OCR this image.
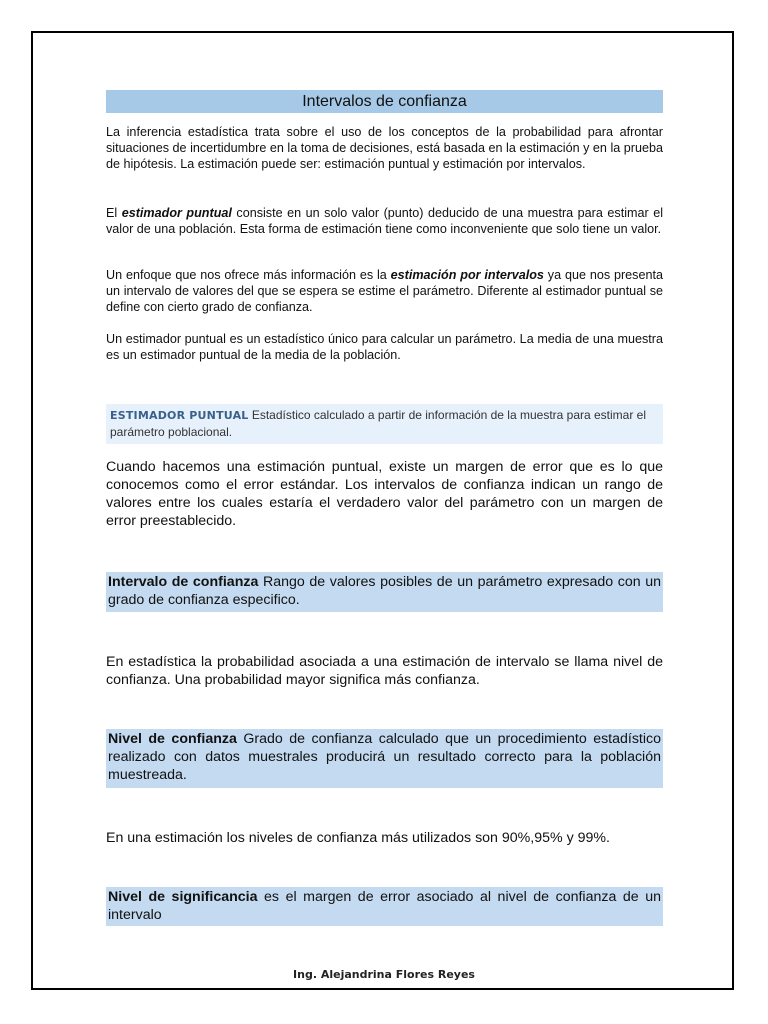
Intervalos de confianza

La inferencia estadística trata sobre el uso de los conceptos de la probabilidad para afrontar situaciones de incertidumbre en la toma de decisiones, está basada en la estimación y en la prueba de hipótesis. La estimación puede ser: estimación puntual y estimación por intervalos.

El estimador puntual consiste en un solo valor (punto) deducido de una muestra para estimar el valor de una población. Esta forma de estimación tiene como inconveniente que solo tiene un valor.

Un enfoque que nos ofrece más información es la estimación por intervalos ya que nos presenta un intervalo de valores del que se espera se estime el parámetro. Diferente al estimador puntual se define con cierto grado de confianza.

Un estimador puntual es un estadístico único para calcular un parámetro. La media de una muestra es un estimador puntual de la media de la población.

ESTIMADOR PUNTUAL Estadístico calculado a partir de información de la muestra para estimar el parámetro poblacional.

Cuando hacemos una estimación puntual, existe un margen de error que es lo que conocemos como el error estándar. Los intervalos de confianza indican un rango de valores entre los cuales estaría el verdadero valor del parámetro con un margen de error preestablecido.

Intervalo de confianza Rango de valores posibles de un parámetro expresado con un grado de confianza especifico.

En estadística la probabilidad asociada a una estimación de intervalo se llama nivel de confianza. Una probabilidad mayor significa más confianza.

Nivel de confianza Grado de confianza calculado que un procedimiento estadístico realizado con datos muestrales producirá un resultado correcto para la población muestreada.

En una estimación los niveles de confianza más utilizados son 90%,95% y 99%.

Nivel de significancia es el margen de error asociado al nivel de confianza de un intervalo
Ing. Alejandrina Flores Reyes
